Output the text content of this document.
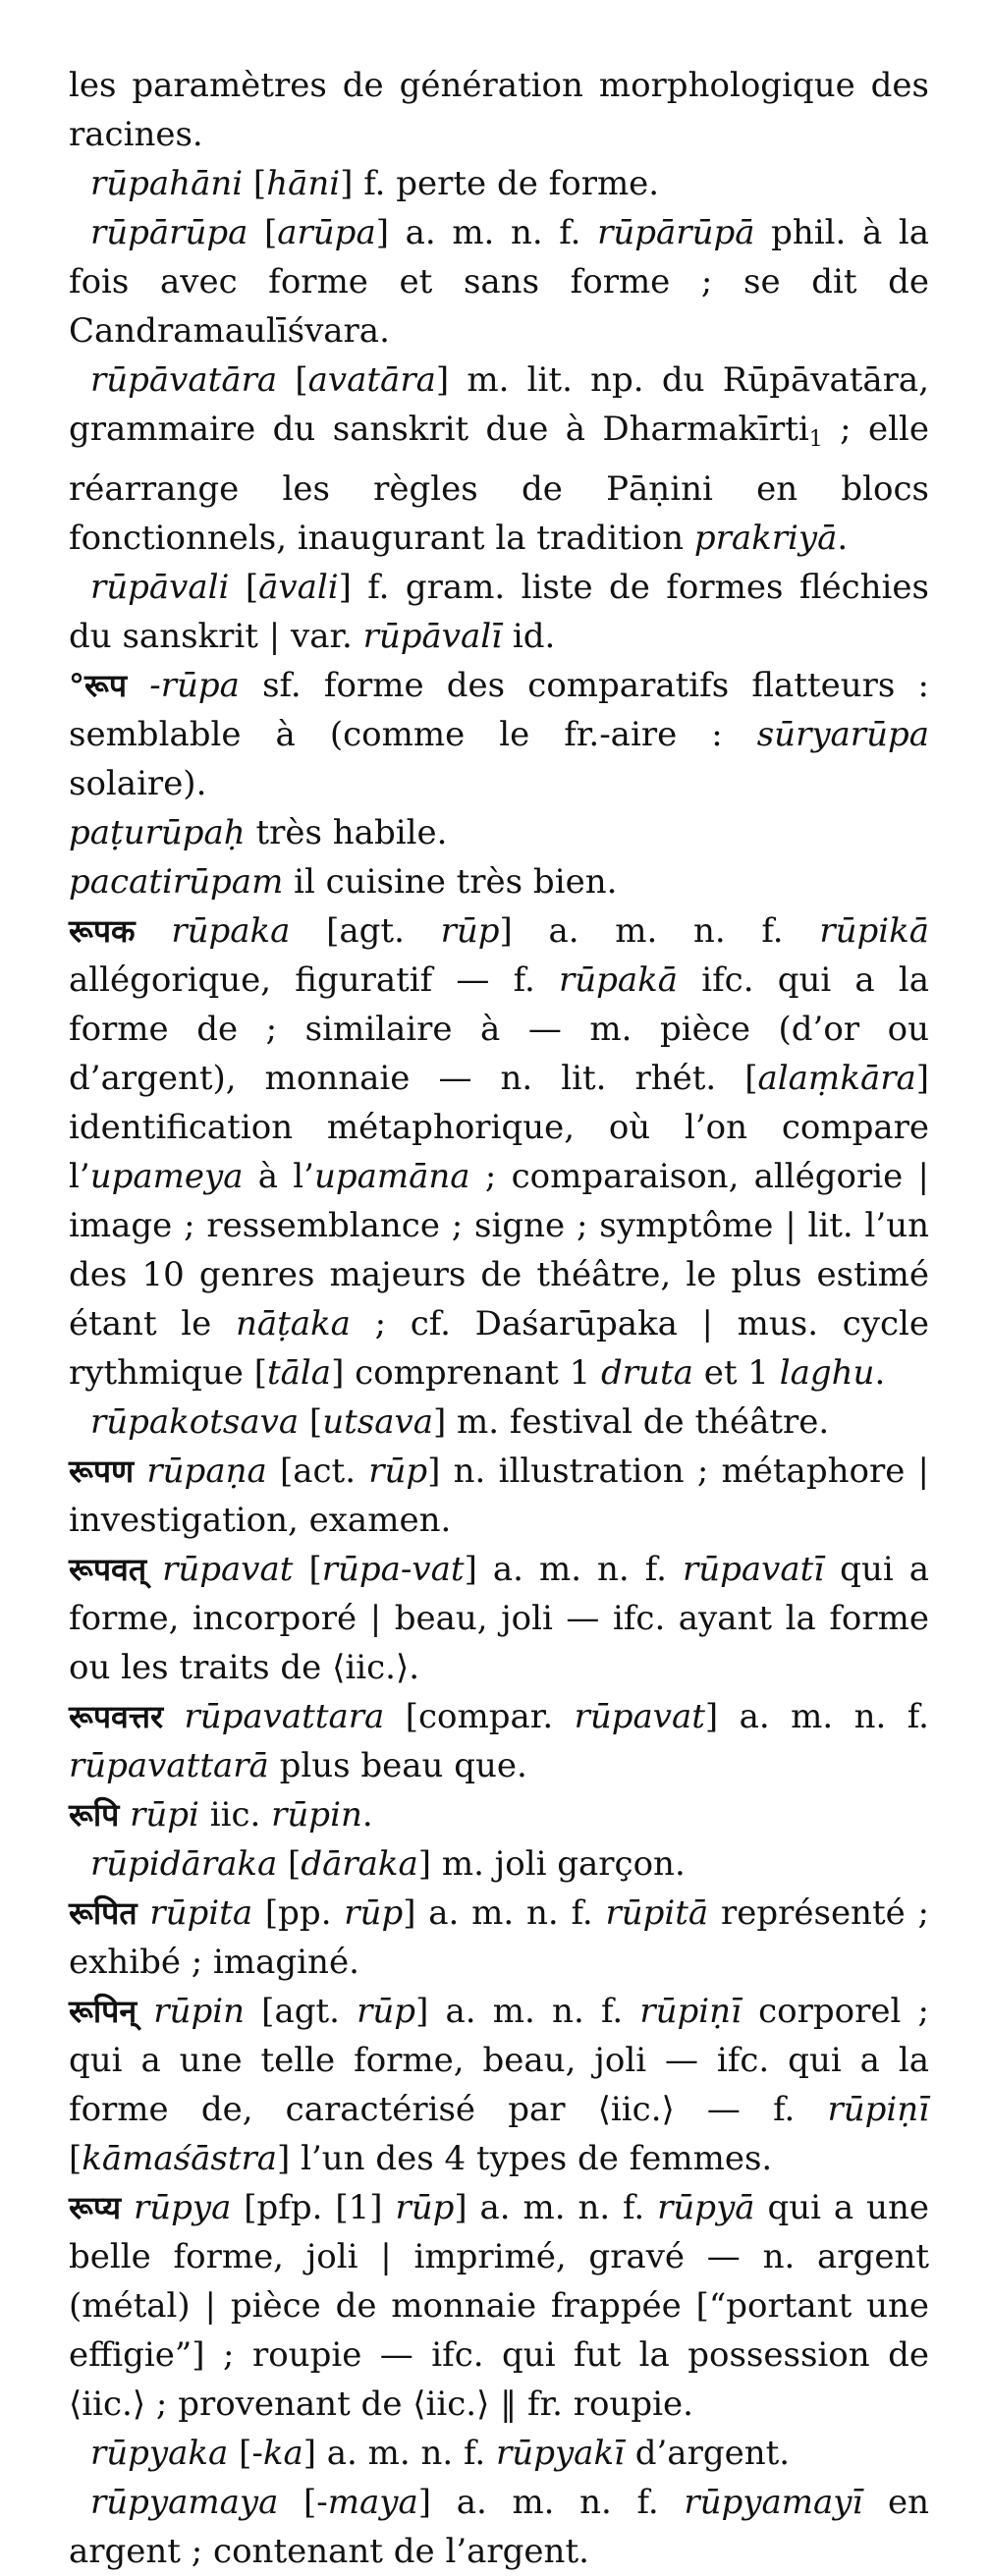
les paramètres de génération morphologique des racines.

rūpahāni [hāni] f. perte de forme.

rūpārūpa [arūpa] a. m. n. f. rūpārūpā phil. à la fois avec forme et sans forme ; se dit de Candramaulīśvara.

rūpāvatāra [avatāra] m. lit. np. du Rūpāvatāra, grammaire du sanskrit due à Dharmakīrti$_1$ ; elle réarrange les règles de Pāṇini en blocs fonctionnels, inaugurant la tradition prakriyā.

rūpāvali [āvali] f. gram. liste de formes fléchies du sanskrit | var. rūpāvalī id.

°रूप -rūpa sf. forme des comparatifs flatteurs : semblable à (comme le fr.-aire : sūryarūpa solaire).

paṭurūpaḥ très habile.

pacatirūpam il cuisine très bien.

रूपक rūpaka [agt. rūp] a. m. n. f. rūpikā allégorique, figuratif — f. rūpakā ifc. qui a la forme de ; similaire à — m. pièce (d’or ou d’argent), monnaie — n. lit. rhét. [alaṃkāra] identification métaphorique, où l’on compare l’upameya à l’upamāna ; comparaison, allégorie | image ; ressemblance ; signe ; symptôme | lit. l’un des 10 genres majeurs de théâtre, le plus estimé étant le nāṭaka ; cf. Daśarūpaka | mus. cycle rythmique [tāla] comprenant 1 druta et 1 laghu.

rūpakotsava [utsava] m. festival de théâtre.

रूपण rūpaṇa [act. rūp] n. illustration ; métaphore | investigation, examen.

रूपवत् rūpavat [rūpa-vat] a. m. n. f. rūpavatī qui a forme, incorporé | beau, joli — ifc. ayant la forme ou les traits de ⟨iic.⟩.

रूपवत्तर rūpavattara [compar. rūpavat] a. m. n. f. rūpavattarā plus beau que.

रूपि rūpi iic. rūpin.

rūpidāraka [dāraka] m. joli garçon.

रूपित rūpita [pp. rūp] a. m. n. f. rūpitā représenté ; exhibé ; imaginé.

रूपिन् rūpin [agt. rūp] a. m. n. f. rūpiṇī corporel ; qui a une telle forme, beau, joli — ifc. qui a la forme de, caractérisé par ⟨iic.⟩ — f. rūpiṇī [kāmaśāstra] l’un des 4 types de femmes.

रूप्य rūpya [pfp. [1] rūp] a. m. n. f. rūpyā qui a une belle forme, joli | imprimé, gravé — n. argent (métal) | pièce de monnaie frappée [“portant une effigie”] ; roupie — ifc. qui fut la possession de ⟨iic.⟩ ; provenant de ⟨iic.⟩ ‖ fr. roupie.

rūpyaka [-ka] a. m. n. f. rūpyakī d’argent.

rūpyamaya [-maya] a. m. n. f. rūpyamayī en argent ; contenant de l’argent.
